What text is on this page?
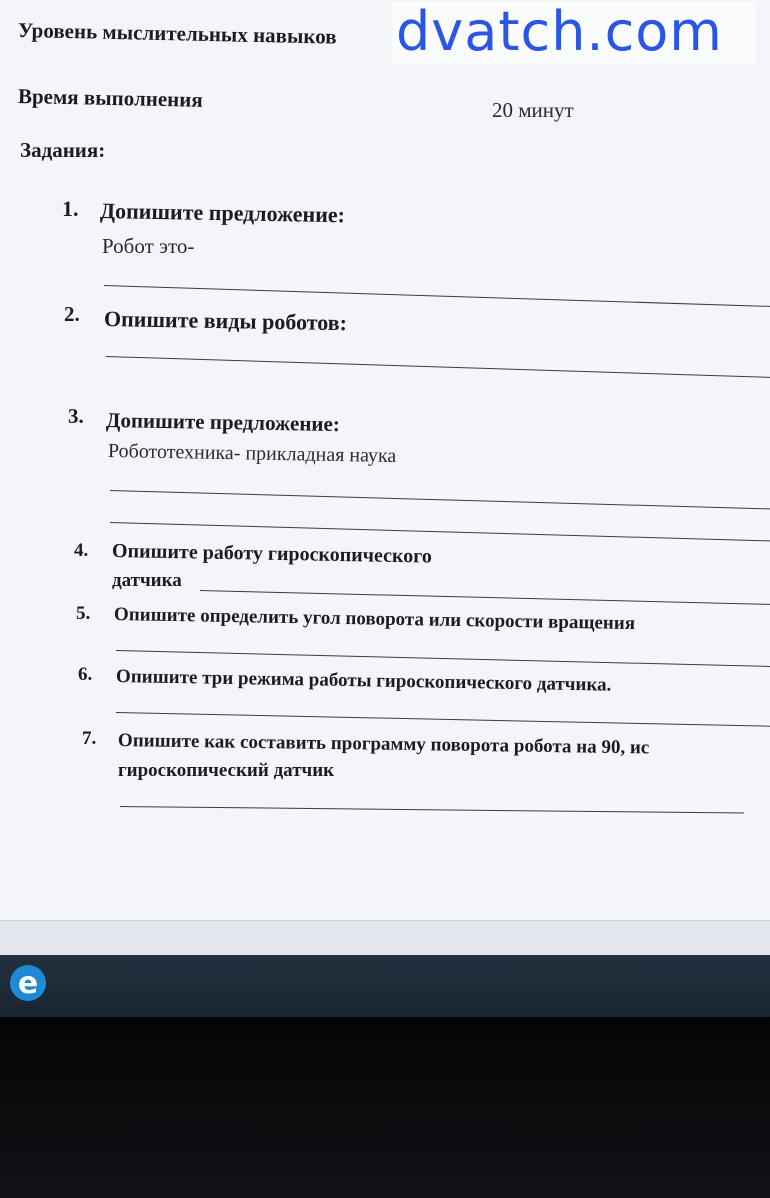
Уровень мыслительных навыков
Время выполнения	20 минут
Задания:
1. Допишите предложение:
Робот это-
2. Опишите виды роботов:
3. Допишите предложение:
Робототехника- прикладная наука
4. Опишите работу гироскопического
датчика
5. Опишите определить угол поворота или скорости вращения
6. Опишите три режима работы гироскопического датчика.
7. Опишите как составить программу поворота робота на 90, ис
гироскопический датчик
dvatch.com
e
